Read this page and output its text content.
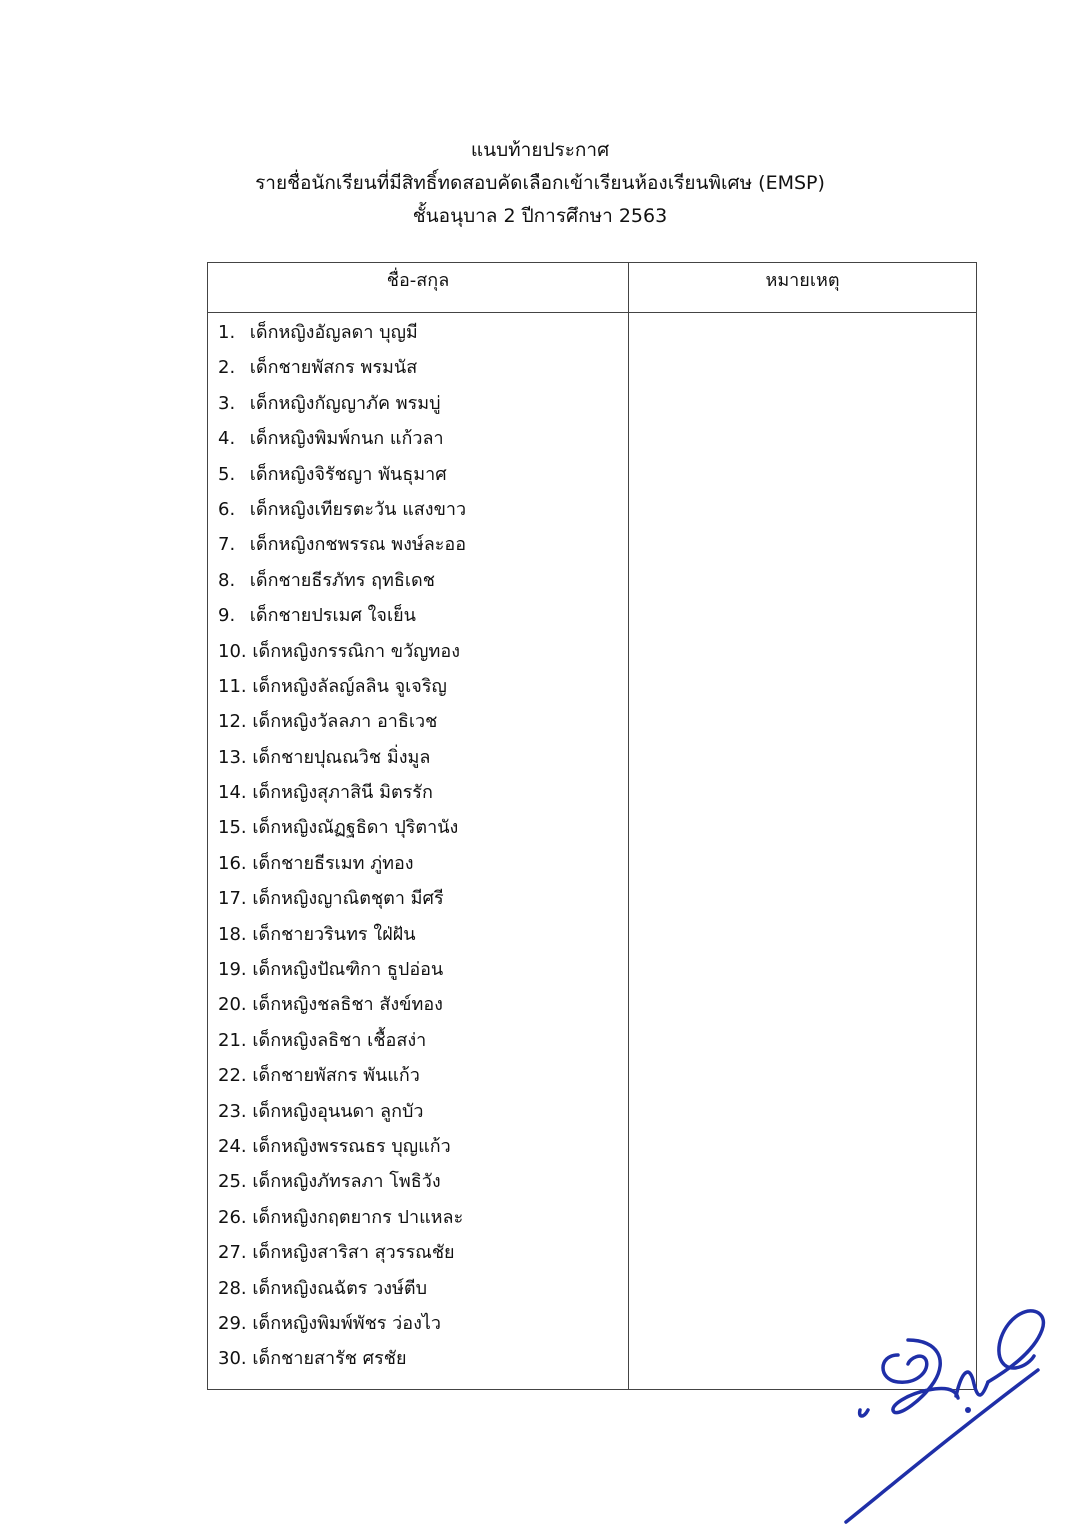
แนบท้ายประกาศ
รายชื่อนักเรียนที่มีสิทธิ์ทดสอบคัดเลือกเข้าเรียนห้องเรียนพิเศษ (EMSP)
ชั้นอนุบาล 2 ปีการศึกษา 2563
ชื่อ-สกุล	หมายเหตุ
1. เด็กหญิงอัญลดา บุญมี
2. เด็กชายพัสกร พรมนัส
3. เด็กหญิงกัญญาภัค พรมบู่
4. เด็กหญิงพิมพ์กนก แก้วลา
5. เด็กหญิงจิรัชญา พันธุมาศ
6. เด็กหญิงเทียรตะวัน แสงขาว
7. เด็กหญิงกชพรรณ พงษ์ละออ
8. เด็กชายธีรภัทร ฤทธิเดช
9. เด็กชายปรเมศ ใจเย็น
10. เด็กหญิงกรรณิกา ขวัญทอง
11. เด็กหญิงลัลญ์ลลิน จูเจริญ
12. เด็กหญิงวัลลภา อาธิเวช
13. เด็กชายปุณณวิช มิ่งมูล
14. เด็กหญิงสุภาสินี มิตรรัก
15. เด็กหญิงณัฏฐธิดา ปุริตานัง
16. เด็กชายธีรเมท ภู่ทอง
17. เด็กหญิงญาณิตชุตา มีศรี
18. เด็กชายวรินทร ใฝ่ฝัน
19. เด็กหญิงปัณฑิกา ธูปอ่อน
20. เด็กหญิงชลธิชา สังข์ทอง
21. เด็กหญิงลธิชา เชื้อสง่า
22. เด็กชายพัสกร พันแก้ว
23. เด็กหญิงอุนนดา ลูกบัว
24. เด็กหญิงพรรณธร บุญแก้ว
25. เด็กหญิงภัทรลภา โพธิวัง
26. เด็กหญิงกฤตยากร ปาแหละ
27. เด็กหญิงสาริสา สุวรรณชัย
28. เด็กหญิงณฉัตร วงษ์ตีบ
29. เด็กหญิงพิมพ์พัชร ว่องไว
30. เด็กชายสารัช ศรชัย
